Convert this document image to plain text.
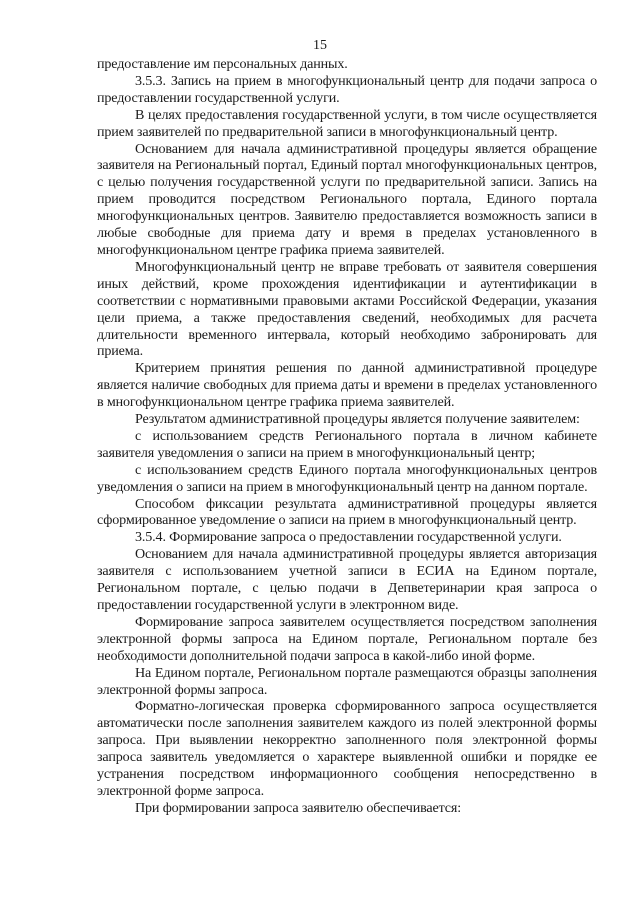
15

предоставление им персональных данных.

3.5.3. Запись на прием в многофункциональный центр для подачи запроса о предоставлении государственной услуги.

В целях предоставления государственной услуги, в том числе осуществляется прием заявителей по предварительной записи в многофункциональный центр.

Основанием для начала административной процедуры является обращение заявителя на Региональный портал, Единый портал многофункциональных центров, с целью получения государственной услуги по предварительной записи. Запись на прием проводится посредством Регионального портала, Единого портала многофункциональных центров. Заявителю предоставляется возможность записи в любые свободные для приема дату и время в пределах установленного в многофункциональном центре графика приема заявителей.

Многофункциональный центр не вправе требовать от заявителя совершения иных действий, кроме прохождения идентификации и аутентификации в соответствии с нормативными правовыми актами Российской Федерации, указания цели приема, а также предоставления сведений, необходимых для расчета длительности временного интервала, который необходимо забронировать для приема.

Критерием принятия решения по данной административной процедуре является наличие свободных для приема даты и времени в пределах установленного в многофункциональном центре графика приема заявителей.

Результатом административной процедуры является получение заявителем:

с использованием средств Регионального портала в личном кабинете заявителя уведомления о записи на прием в многофункциональный центр;

с использованием средств Единого портала многофункциональных центров уведомления о записи на прием в многофункциональный центр на данном портале.

Способом фиксации результата административной процедуры является сформированное уведомление о записи на прием в многофункциональный центр.

3.5.4. Формирование запроса о предоставлении государственной услуги.

Основанием для начала административной процедуры является авторизация заявителя с использованием учетной записи в ЕСИА на Едином портале, Региональном портале, с целью подачи в Депветеринарии края запроса о предоставлении государственной услуги в электронном виде.

Формирование запроса заявителем осуществляется посредством заполнения электронной формы запроса на Едином портале, Региональном портале без необходимости дополнительной подачи запроса в какой-либо иной форме.

На Едином портале, Региональном портале размещаются образцы заполнения электронной формы запроса.

Форматно-логическая проверка сформированного запроса осуществляется автоматически после заполнения заявителем каждого из полей электронной формы запроса. При выявлении некорректно заполненного поля электронной формы запроса заявитель уведомляется о характере выявленной ошибки и порядке ее устранения посредством информационного сообщения непосредственно в электронной форме запроса.

При формировании запроса заявителю обеспечивается:
